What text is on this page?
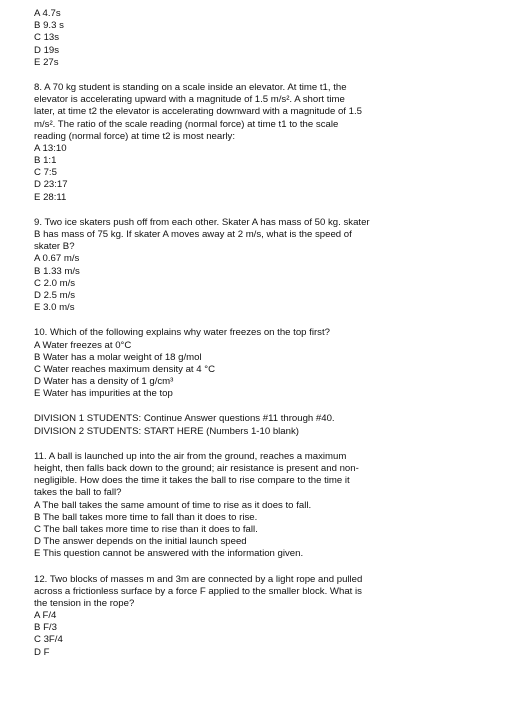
A 4.7s
B 9.3 s
C 13s
D 19s
E 27s
8. A 70 kg student is standing on a scale inside an elevator. At time t1, the
elevator is accelerating upward with a magnitude of 1.5 m/s². A short time
later, at time t2 the elevator is accelerating downward with a magnitude of 1.5
m/s². The ratio of the scale reading (normal force) at time t1 to the scale
reading (normal force) at time t2 is most nearly:
A 13:10
B 1:1
C 7:5
D 23:17
E 28:11
9. Two ice skaters push off from each other. Skater A has mass of 50 kg. skater
B has mass of 75 kg. If skater A moves away at 2 m/s, what is the speed of
skater B?
A 0.67 m/s
B 1.33 m/s
C 2.0 m/s
D 2.5 m/s
E 3.0 m/s
10. Which of the following explains why water freezes on the top first?
A Water freezes at 0°C
B Water has a molar weight of 18 g/mol
C Water reaches maximum density at 4 °C
D Water has a density of 1 g/cm³
E Water has impurities at the top
DIVISION 1 STUDENTS: Continue Answer questions #11 through #40.
DIVISION 2 STUDENTS: START HERE (Numbers 1-10 blank)
11. A ball is launched up into the air from the ground, reaches a maximum
height, then falls back down to the ground; air resistance is present and non-
negligible. How does the time it takes the ball to rise compare to the time it
takes the ball to fall?
A The ball takes the same amount of time to rise as it does to fall.
B The ball takes more time to fall than it does to rise.
C The ball takes more time to rise than it does to fall.
D The answer depends on the initial launch speed
E This question cannot be answered with the information given.
12. Two blocks of masses m and 3m are connected by a light rope and pulled
across a frictionless surface by a force F applied to the smaller block. What is
the tension in the rope?
A F/4
B F/3
C 3F/4
D F
